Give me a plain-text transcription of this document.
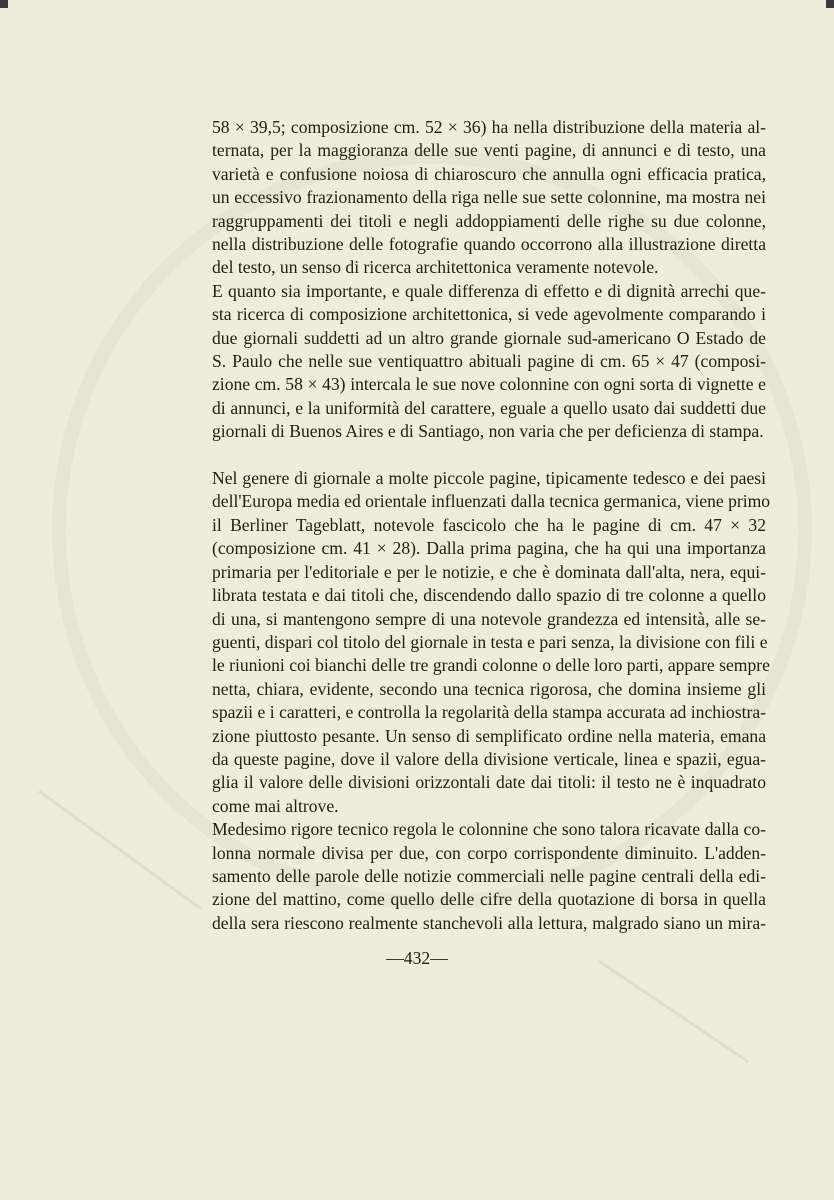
58 × 39,5; composizione cm. 52 × 36) ha nella distribuzione della materia al-

ternata, per la maggioranza delle sue venti pagine, di annunci e di testo, una

varietà e confusione noiosa di chiaroscuro che annulla ogni efficacia pratica,

un eccessivo frazionamento della riga nelle sue sette colonnine, ma mostra nei

raggruppamenti dei titoli e negli addoppiamenti delle righe su due colonne,

nella distribuzione delle fotografie quando occorrono alla illustrazione diretta

del testo, un senso di ricerca architettonica veramente notevole.

E quanto sia importante, e quale differenza di effetto e di dignità arrechi que-

sta ricerca di composizione architettonica, si vede agevolmente comparando i

due giornali suddetti ad un altro grande giornale sud-americano O Estado de

S. Paulo che nelle sue ventiquattro abituali pagine di cm. 65 × 47 (composi-

zione cm. 58 × 43) intercala le sue nove colonnine con ogni sorta di vignette e

di annunci, e la uniformità del carattere, eguale a quello usato dai suddetti due

giornali di Buenos Aires e di Santiago, non varia che per deficienza di stampa.

Nel genere di giornale a molte piccole pagine, tipicamente tedesco e dei paesi

dell'Europa media ed orientale influenzati dalla tecnica germanica, viene primo

il Berliner Tageblatt, notevole fascicolo che ha le pagine di cm. 47 × 32

(composizione cm. 41 × 28). Dalla prima pagina, che ha qui una importanza

primaria per l'editoriale e per le notizie, e che è dominata dall'alta, nera, equi-

librata testata e dai titoli che, discendendo dallo spazio di tre colonne a quello

di una, si mantengono sempre di una notevole grandezza ed intensità, alle se-

guenti, dispari col titolo del giornale in testa e pari senza, la divisione con fili e

le riunioni coi bianchi delle tre grandi colonne o delle loro parti, appare sempre

netta, chiara, evidente, secondo una tecnica rigorosa, che domina insieme gli

spazii e i caratteri, e controlla la regolarità della stampa accurata ad inchiostra-

zione piuttosto pesante. Un senso di semplificato ordine nella materia, emana

da queste pagine, dove il valore della divisione verticale, linea e spazii, egua-

glia il valore delle divisioni orizzontali date dai titoli: il testo ne è inquadrato

come mai altrove.

Medesimo rigore tecnico regola le colonnine che sono talora ricavate dalla co-

lonna normale divisa per due, con corpo corrispondente diminuito. L'adden-

samento delle parole delle notizie commerciali nelle pagine centrali della edi-

zione del mattino, come quello delle cifre della quotazione di borsa in quella

della sera riescono realmente stanchevoli alla lettura, malgrado siano un mira-

—432—
